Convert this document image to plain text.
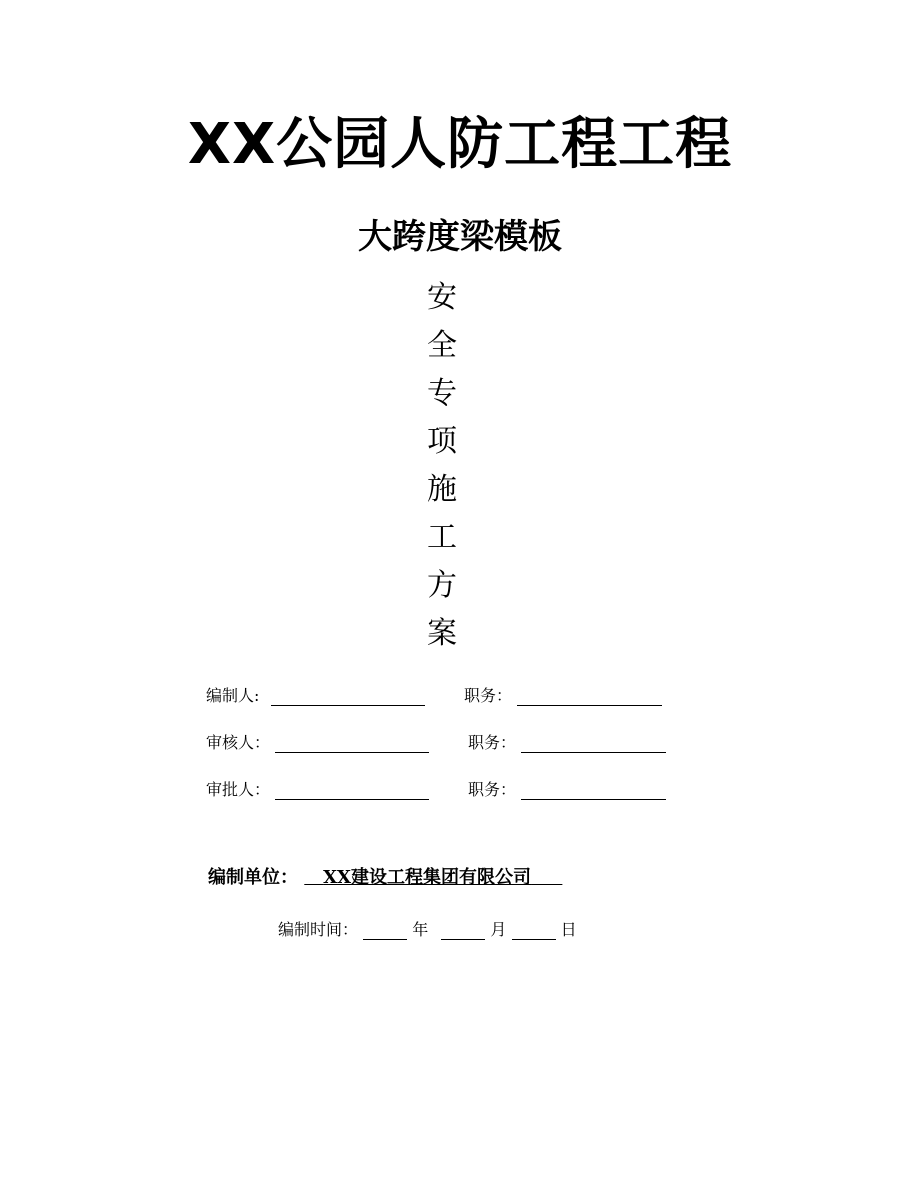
XX公园人防工程工程
大跨度梁模板
安
全
专
项
施
工
方
案
编制人:	职务：
审核人：	职务：
审批人：	职务：
编制单位： XX建设工程集团有限公司
编制时间：	年	月	日
